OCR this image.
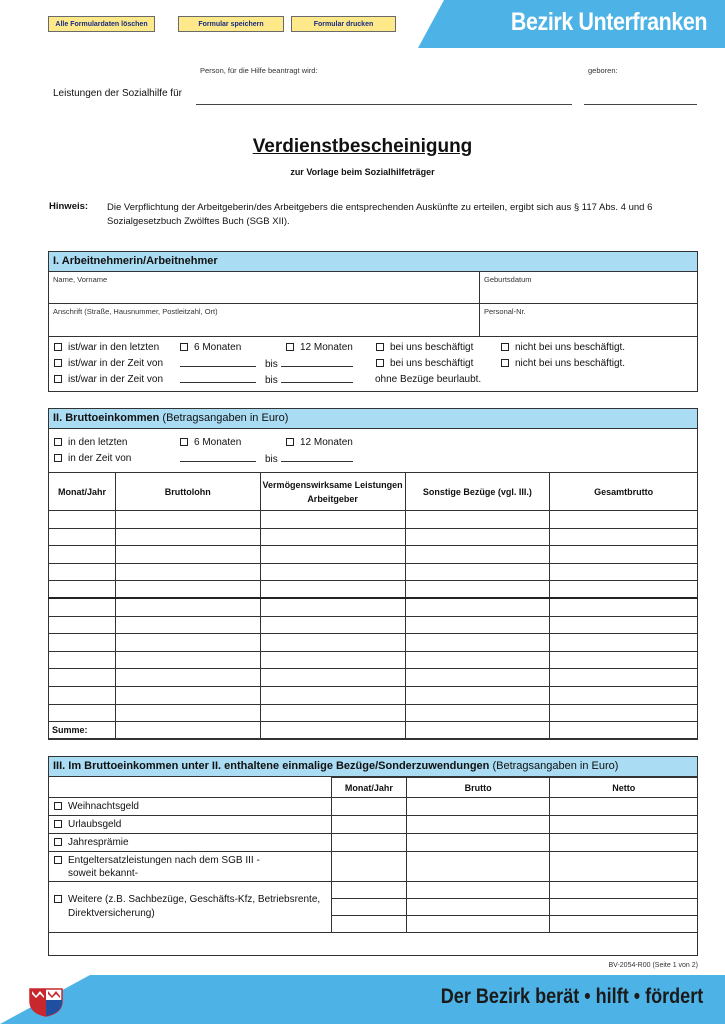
Bezirk Unterfranken
Alle Formulardaten löschen	Formular speichern	Formular drucken
Person, für die Hilfe beantragt wird:	geboren:
Leistungen der Sozialhilfe für
Verdienstbescheinigung
zur Vorlage beim Sozialhilfeträger
Hinweis: Die Verpflichtung der Arbeitgeberin/des Arbeitgebers die entsprechenden Auskünfte zu erteilen, ergibt sich aus § 117 Abs. 4 und 6 Sozialgesetzbuch Zwölftes Buch (SGB XII).
I. Arbeitnehmerin/Arbeitnehmer
Name, Vorname	Geburtsdatum
Anschrift (Straße, Hausnummer, Postleitzahl, Ort)	Personal-Nr.
ist/war in den letzten	6 Monaten	12 Monaten	bei uns beschäftigt	nicht bei uns beschäftigt.
ist/war in der Zeit von	bis	bei uns beschäftigt	nicht bei uns beschäftigt.
ist/war in der Zeit von	bis	ohne Bezüge beurlaubt.
II. Bruttoeinkommen (Betragsangaben in Euro)
in den letzten	6 Monaten	12 Monaten
in der Zeit von	bis
Monat/Jahr	Bruttolohn	Vermögenswirksame Leistungen Arbeitgeber	Sonstige Bezüge (vgl. III.)	Gesamtbrutto

Summe:				
III. Im Bruttoeinkommen unter II. enthaltene einmalige Bezüge/Sonderzuwendungen (Betragsangaben in Euro)
	Monat/Jahr	Brutto	Netto
Weihnachtsgeld			
Urlaubsgeld			
Jahresprämie			

Entgeltersatzleistungen nach dem SGB III -soweit bekannt-			

Weitere (z.B. Sachbezüge, Geschäfts-Kfz, Betriebsrente, Direktversicherung)			

BV-2054-R00 (Seite 1 von 2)
Der Bezirk berät • hilft • fördert
